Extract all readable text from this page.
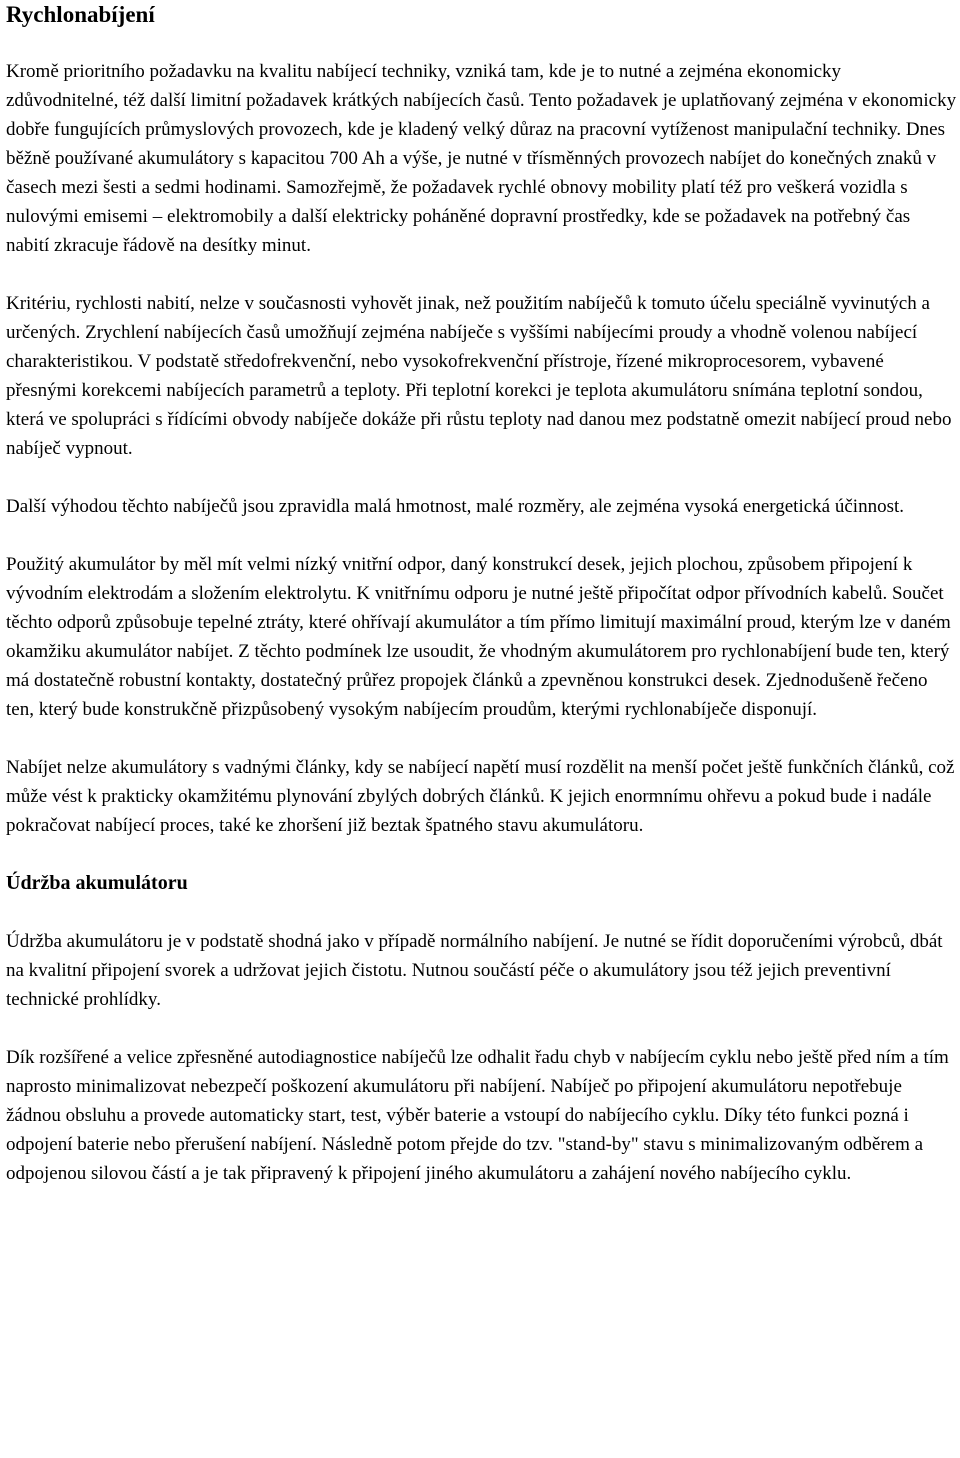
Rychlonabíjení

Kromě prioritního požadavku na kvalitu nabíjecí techniky, vzniká tam, kde je to nutné a zejména ekonomicky zdůvodnitelné, též další limitní požadavek krátkých nabíjecích časů. Tento požadavek je uplatňovaný zejména v ekonomicky dobře fungujících průmyslových provozech, kde je kladený velký důraz na pracovní vytíženost manipulační techniky. Dnes běžně používané akumulátory s kapacitou 700 Ah a výše, je nutné v třísměnných provozech nabíjet do konečných znaků v časech mezi šesti a sedmi hodinami. Samozřejmě, že požadavek rychlé obnovy mobility platí též pro veškerá vozidla s nulovými emisemi – elektromobily a další elektricky poháněné dopravní prostředky, kde se požadavek na potřebný čas nabití zkracuje řádově na desítky minut.

Kritériu, rychlosti nabití, nelze v současnosti vyhovět jinak, než použitím nabíječů k tomuto účelu speciálně vyvinutých a určených. Zrychlení nabíjecích časů umožňují zejména nabíječe s vyššími nabíjecími proudy a vhodně volenou nabíjecí charakteristikou. V podstatě středofrekvenční, nebo vysokofrekvenční přístroje, řízené mikroprocesorem, vybavené přesnými korekcemi nabíjecích parametrů a teploty. Při teplotní korekci je teplota akumulátoru snímána teplotní sondou, která ve spolupráci s řídícími obvody nabíječe dokáže při růstu teploty nad danou mez podstatně omezit nabíjecí proud nebo nabíječ vypnout.

Další výhodou těchto nabíječů jsou zpravidla malá hmotnost, malé rozměry, ale zejména vysoká energetická účinnost.

Použitý akumulátor by měl mít velmi nízký vnitřní odpor, daný konstrukcí desek, jejich plochou, způsobem připojení k vývodním elektrodám a složením elektrolytu. K vnitřnímu odporu je nutné ještě připočítat odpor přívodních kabelů. Součet těchto odporů způsobuje tepelné ztráty, které ohřívají akumulátor a tím přímo limitují maximální proud, kterým lze v daném okamžiku akumulátor nabíjet. Z těchto podmínek lze usoudit, že vhodným akumulátorem pro rychlonabíjení bude ten, který má dostatečně robustní kontakty, dostatečný průřez propojek článků a zpevněnou konstrukci desek. Zjednodušeně řečeno ten, který bude konstrukčně přizpůsobený vysokým nabíjecím proudům, kterými rychlonabíječe disponují.

Nabíjet nelze akumulátory s vadnými články, kdy se nabíjecí napětí musí rozdělit na menší počet ještě funkčních článků, což může vést k prakticky okamžitému plynování zbylých dobrých článků. K jejich enormnímu ohřevu a pokud bude i nadále pokračovat nabíjecí proces, také ke zhoršení již beztak špatného stavu akumulátoru.

Údržba akumulátoru

Údržba akumulátoru je v podstatě shodná jako v případě normálního nabíjení. Je nutné se řídit doporučeními výrobců, dbát na kvalitní připojení svorek a udržovat jejich čistotu. Nutnou součástí péče o akumulátory jsou též jejich preventivní technické prohlídky.

Dík rozšířené a velice zpřesněné autodiagnostice nabíječů lze odhalit řadu chyb v nabíjecím cyklu nebo ještě před ním a tím naprosto minimalizovat nebezpečí poškození akumulátoru při nabíjení. Nabíječ po připojení akumulátoru nepotřebuje žádnou obsluhu a provede automaticky start, test, výběr baterie a vstoupí do nabíjecího cyklu. Díky této funkci pozná i odpojení baterie nebo přerušení nabíjení. Následně potom přejde do tzv. "stand-by" stavu s minimalizovaným odběrem a odpojenou silovou částí a je tak připravený k připojení jiného akumulátoru a zahájení nového nabíjecího cyklu.
